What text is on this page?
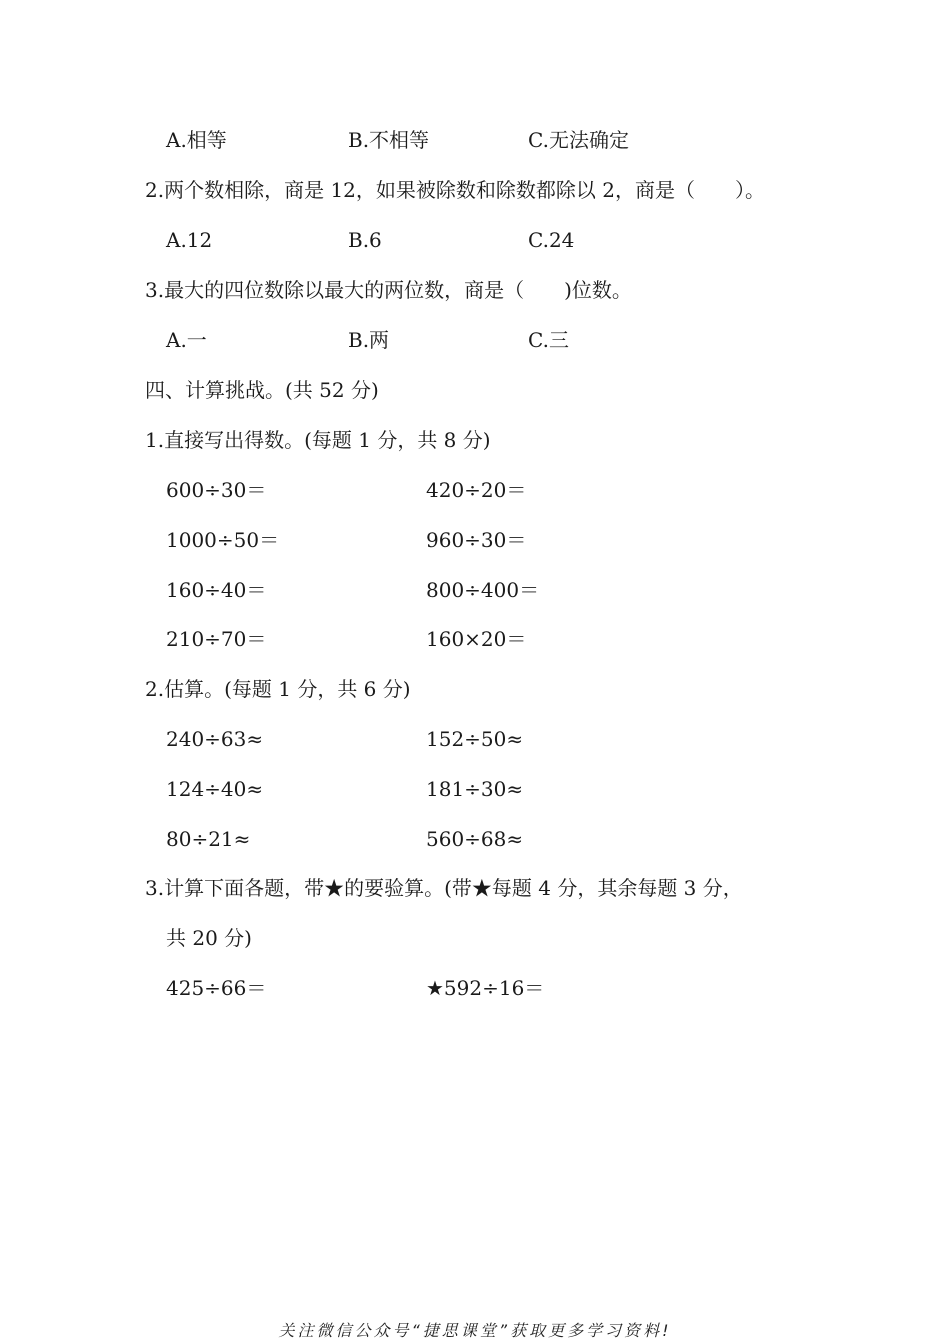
A.相等	B.不相等	C.无法确定
2.两个数相除，商是 12，如果被除数和除数都除以 2，商是（　　）。
A.12	B.6	C.24
3.最大的四位数除以最大的两位数，商是（　　)位数。
A.一	B.两	C.三
四、计算挑战。(共 52 分)
1.直接写出得数。(每题 1 分，共 8 分)
600÷30＝	420÷20＝
1000÷50＝	960÷30＝
160÷40＝	800÷400＝
210÷70＝	160×20＝
2.估算。(每题 1 分，共 6 分)
240÷63≈	152÷50≈
124÷40≈	181÷30≈
80÷21≈	560÷68≈
3.计算下面各题，带★的要验算。(带★每题 4 分，其余每题 3 分，
共 20 分)
425÷66＝	★592÷16＝
关注微信公众号“捷思课堂”获取更多学习资料!
